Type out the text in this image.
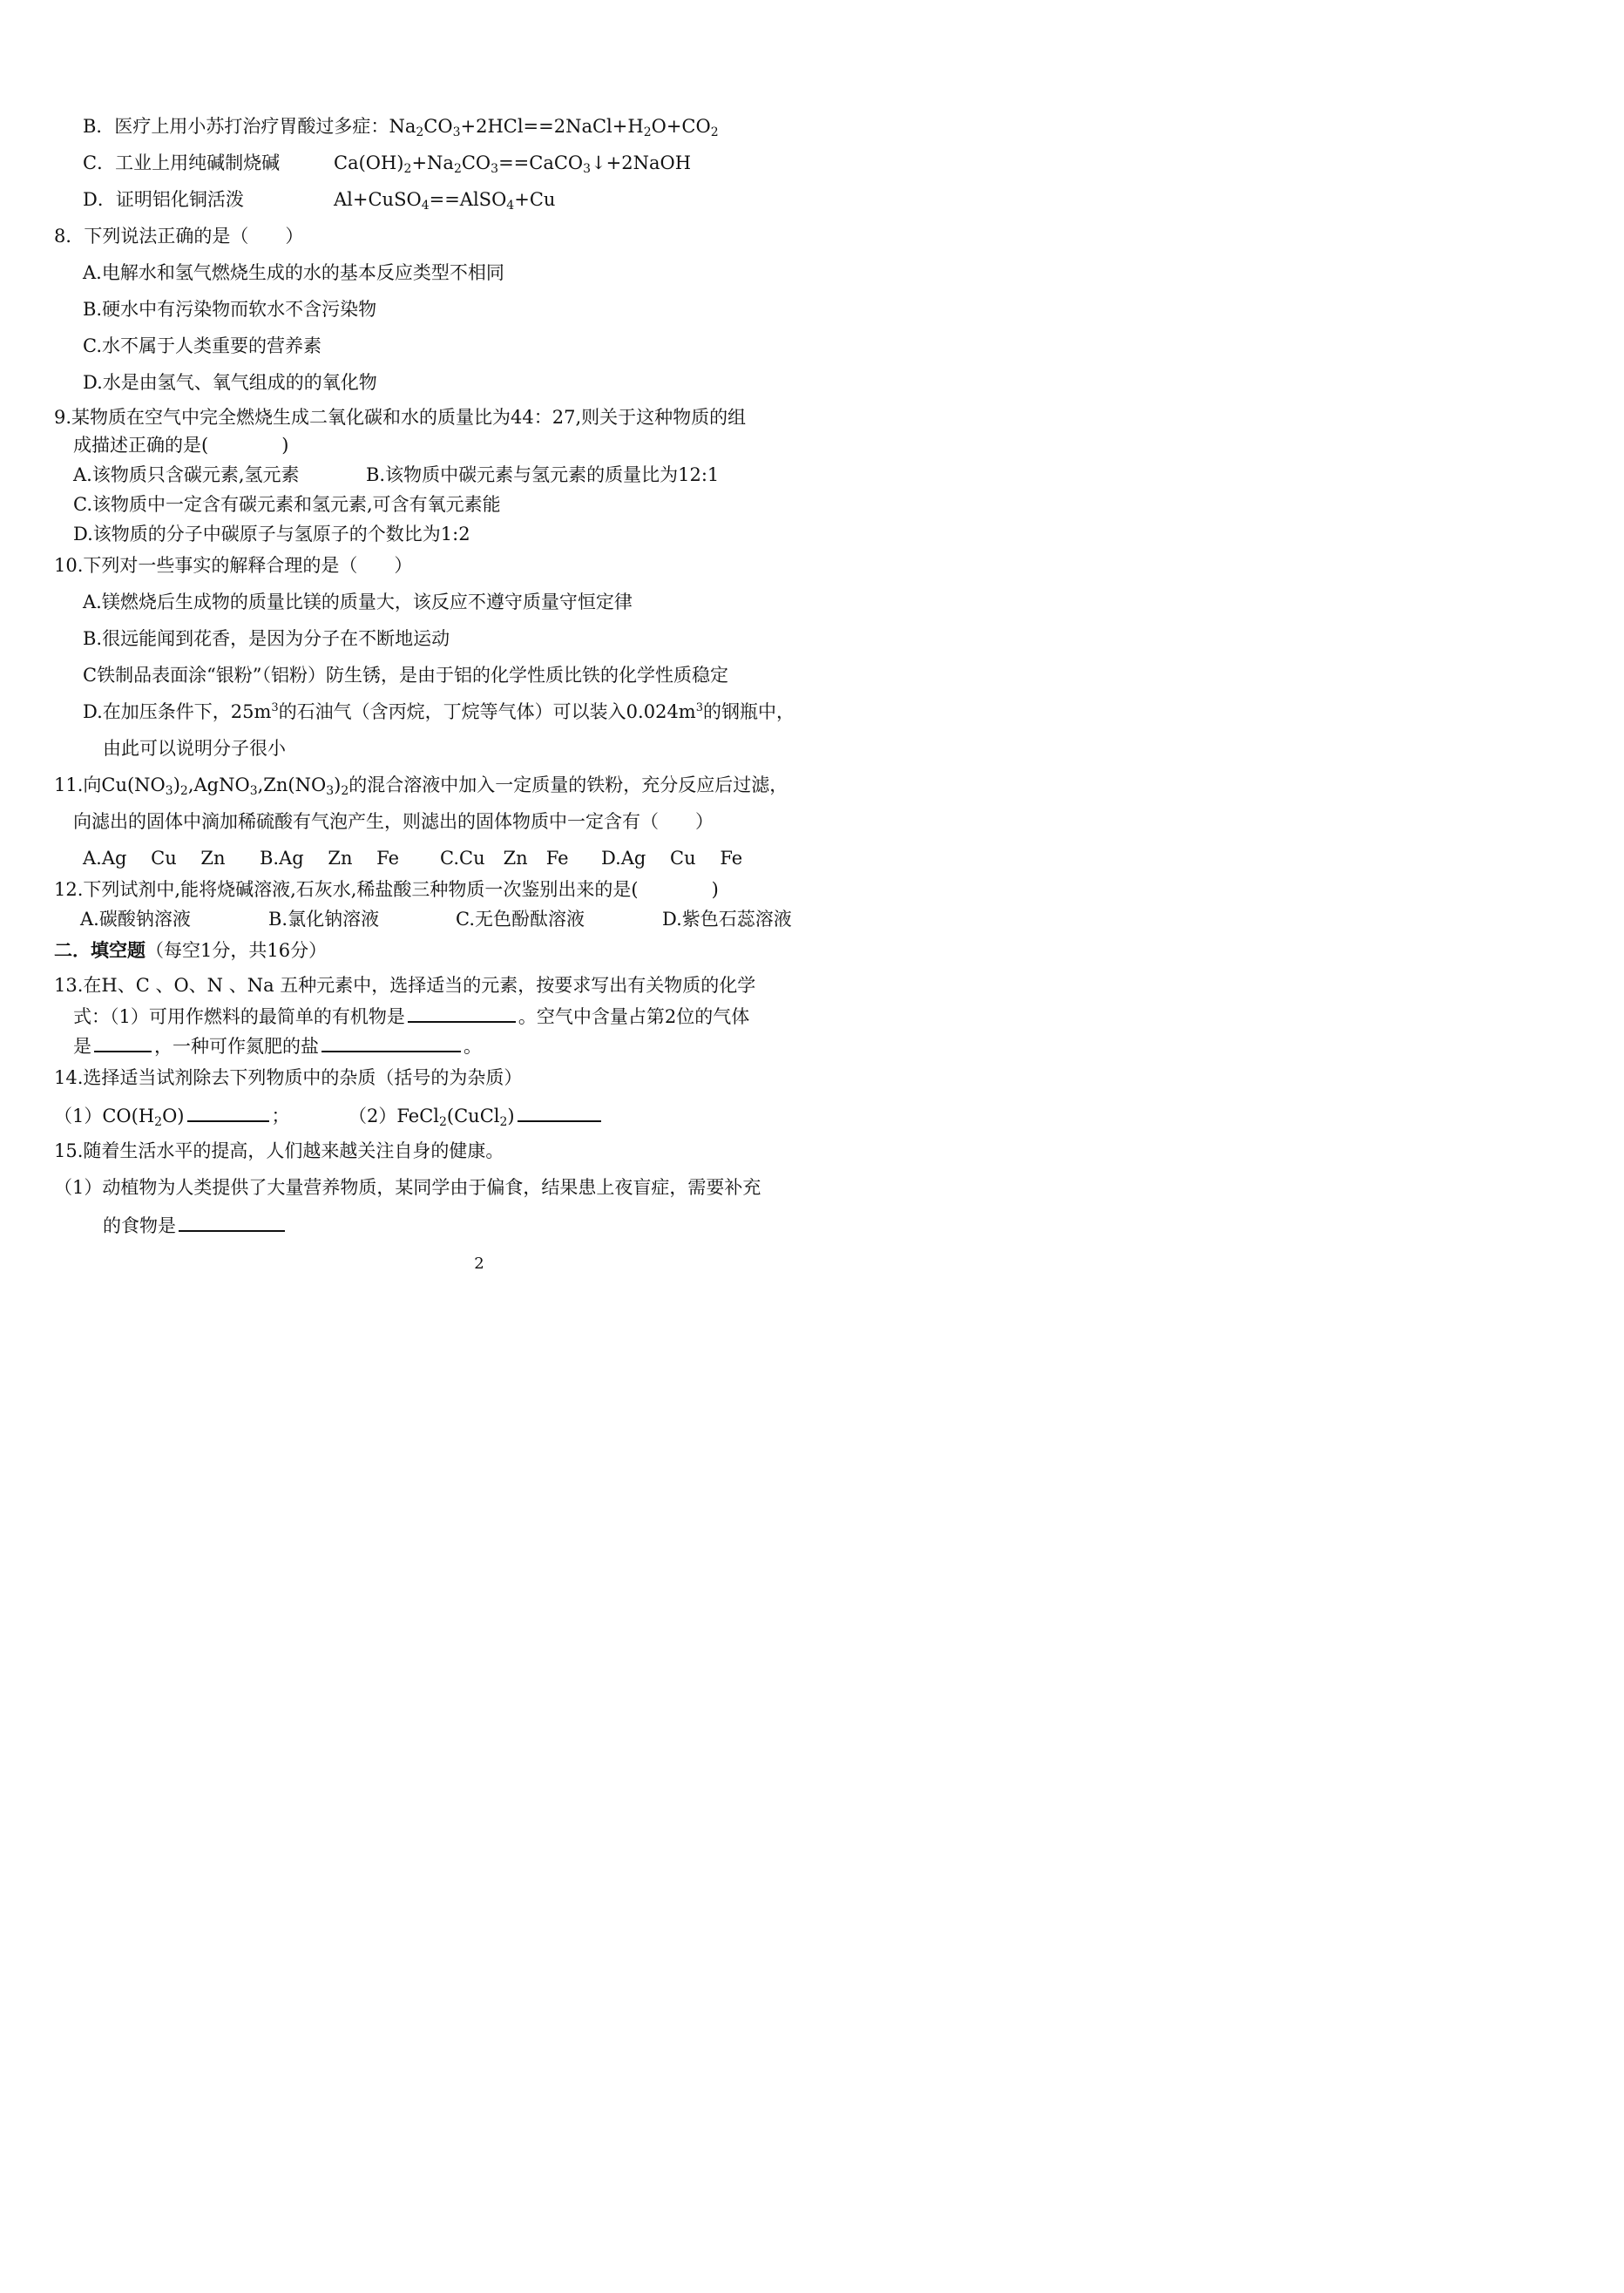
B．医疗上用小苏打治疗胃酸过多症：$Na_2CO_3+2HCl==2NaCl+H_2O+CO_2$
C．工业上用纯碱制烧碱	$Ca(OH)_2+Na_2CO_3==CaCO_3↓+2NaOH$
D．证明铝化铜活泼	Al+CuSO$_4$==AlSO$_4$+Cu
8．下列说法正确的是（　　）
A.电解水和氢气燃烧生成的水的基本反应类型不相同
B.硬水中有污染物而软水不含污染物
C.水不属于人类重要的营养素
D.水是由氢气、氧气组成的的氧化物
9.某物质在空气中完全燃烧生成二氧化碳和水的质量比为44：27,则关于这种物质的组
成描述正确的是(　　　　)
A.该物质只含碳元素,氢元素	B.该物质中碳元素与氢元素的质量比为12:1
C.该物质中一定含有碳元素和氢元素,可含有氧元素能
D.该物质的分子中碳原子与氢原子的个数比为1:2
10.下列对一些事实的解释合理的是（　　）
A.镁燃烧后生成物的质量比镁的质量大，该反应不遵守质量守恒定律
B.很远能闻到花香，是因为分子在不断地运动
C铁制品表面涂“银粉”（铝粉）防生锈，是由于铝的化学性质比铁的化学性质稳定
D.在加压条件下，$25m^3$的石油气（含丙烷，丁烷等气体）可以装入$0.024m^3$的钢瓶中，
由此可以说明分子很小
11.向$Cu(NO_3)_2,AgNO_3,Zn(NO_3)_2$的混合溶液中加入一定质量的铁粉，充分反应后过滤，
向滤出的固体中滴加稀硫酸有气泡产生，则滤出的固体物质中一定含有（　　）
A.Ag　 Cu　 Zn B.Ag　 Zn　 Fe C.Cu　Zn　Fe D.Ag　 Cu　 Fe
12.下列试剂中,能将烧碱溶液,石灰水,稀盐酸三种物质一次鉴别出来的是(　　　　)
A.碳酸钠溶液	B.氯化钠溶液	C.无色酚酞溶液	D.紫色石蕊溶液
二．填空题（每空1分，共16分）
13.在H、C 、O、N 、Na 五种元素中，选择适当的元素，按要求写出有关物质的化学
式：（1）可用作燃料的最简单的有机物是	。空气中含量占第2位的气体
是	，一种可作氮肥的盐	。
14.选择适当试剂除去下列物质中的杂质（括号的为杂质）
$(1)CO(H_2O)$	；	（2）FeCl$_2$(CuCl$_2$)
15.随着生活水平的提高，人们越来越关注自身的健康。
（1）动植物为人类提供了大量营养物质，某同学由于偏食，结果患上夜盲症，需要补充
的食物是
2
